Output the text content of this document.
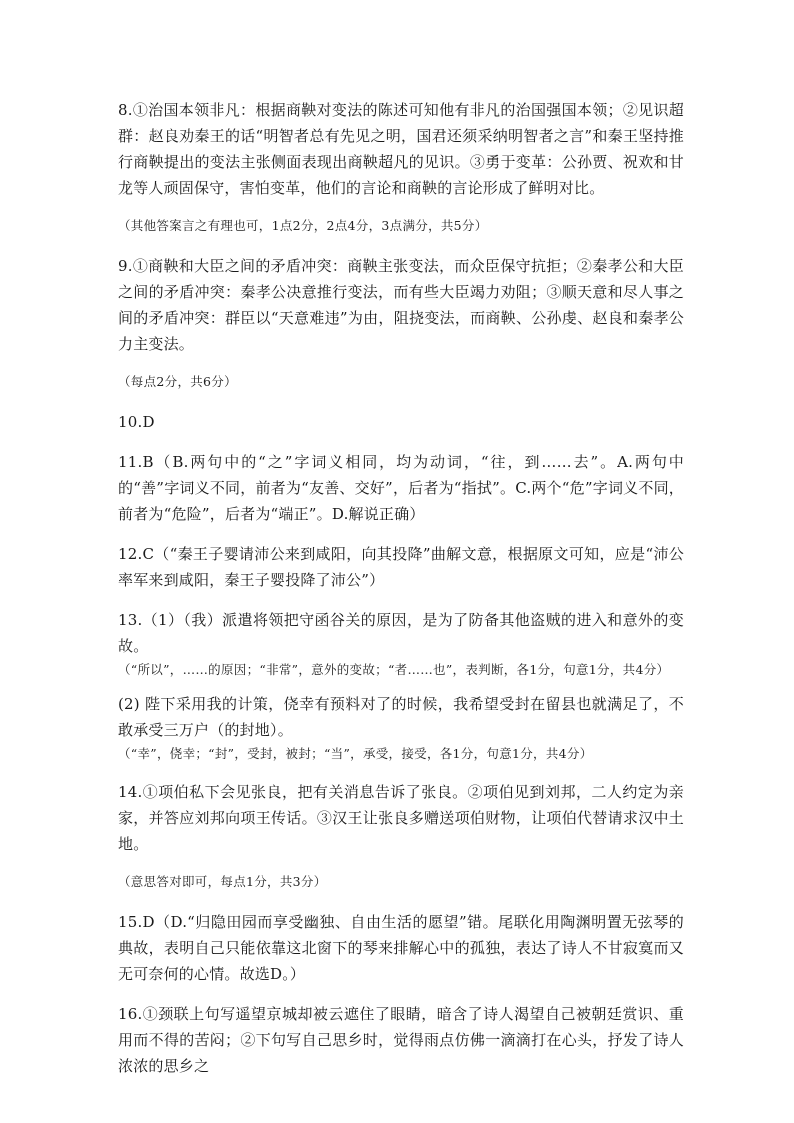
8.①治国本领非凡：根据商鞅对变法的陈述可知他有非凡的治国强国本领；②见识超群：赵良劝秦王的话“明智者总有先见之明，国君还须采纳明智者之言”和秦王坚持推行商鞅提出的变法主张侧面表现出商鞅超凡的见识。③勇于变革：公孙贾、祝欢和甘龙等人顽固保守，害怕变革，他们的言论和商鞅的言论形成了鲜明对比。

（其他答案言之有理也可，1点2分，2点4分，3点满分，共5分）

9.①商鞅和大臣之间的矛盾冲突：商鞅主张变法，而众臣保守抗拒；②秦孝公和大臣之间的矛盾冲突：秦孝公决意推行变法，而有些大臣竭力劝阻；③顺天意和尽人事之间的矛盾冲突：群臣以“天意难违”为由，阻挠变法，而商鞅、公孙虔、赵良和秦孝公力主变法。

（每点2分，共6分）

10.D

11.B（B.两句中的“之”字词义相同，均为动词，“往，到……去”。A.两句中的“善”字词义不同，前者为“友善、交好”，后者为“指拭”。C.两个“危”字词义不同，前者为“危险”，后者为“端正”。D.解说正确）

12.C（“秦王子婴请沛公来到咸阳，向其投降”曲解文意，根据原文可知，应是“沛公率军来到咸阳，秦王子婴投降了沛公”）

13.（1）（我）派遣将领把守函谷关的原因，是为了防备其他盗贼的进入和意外的变故。

（“所以”，……的原因；“非常”，意外的变故；“者……也”，表判断，各1分，句意1分，共4分）

(2) 陛下采用我的计策，侥幸有预料对了的时候，我希望受封在留县也就满足了，不敢承受三万户（的封地）。

（“幸”，侥幸；“封”，受封，被封；“当”，承受，接受，各1分，句意1分，共4分）

14.①项伯私下会见张良，把有关消息告诉了张良。②项伯见到刘邦，二人约定为亲家，并答应刘邦向项王传话。③汉王让张良多赠送项伯财物，让项伯代替请求汉中土地。

（意思答对即可，每点1分，共3分）

15.D（D.“归隐田园而享受幽独、自由生活的愿望”错。尾联化用陶渊明置无弦琴的典故，表明自己只能依靠这北窗下的琴来排解心中的孤独，表达了诗人不甘寂寞而又无可奈何的心情。故选D。）

16.①颈联上句写遥望京城却被云遮住了眼睛，暗含了诗人渴望自己被朝廷赏识、重用而不得的苦闷；②下句写自己思乡时，觉得雨点仿佛一滴滴打在心头，抒发了诗人浓浓的思乡之
